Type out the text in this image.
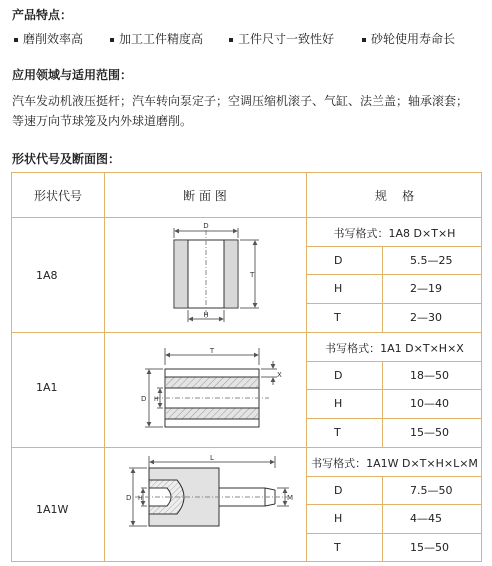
产品特点：
磨削效率高	加工工件精度高	工件尺寸一致性好	砂轮使用寿命长
应用领域与适用范围：
汽车发动机液压挺杆；汽车转向泵定子；空调压缩机滚子、气缸、法兰盖；轴承滚套；
等速万向节球笼及内外球道磨削。
形状代号及断面图：
形状代号	断 面 图	规    格
1A8
书写格式：1A8 D×T×H
D	5.5—25
H	2—19
T	2—30
1A1
书写格式：1A1 D×T×H×X
D	18—50
H	10—40
T	15—50
1A1W
书写格式：1A1W D×T×H×L×M
D	7.5—50
H	4—45
T	15—50
D
T
H
T
X
D H
L
D H	M
